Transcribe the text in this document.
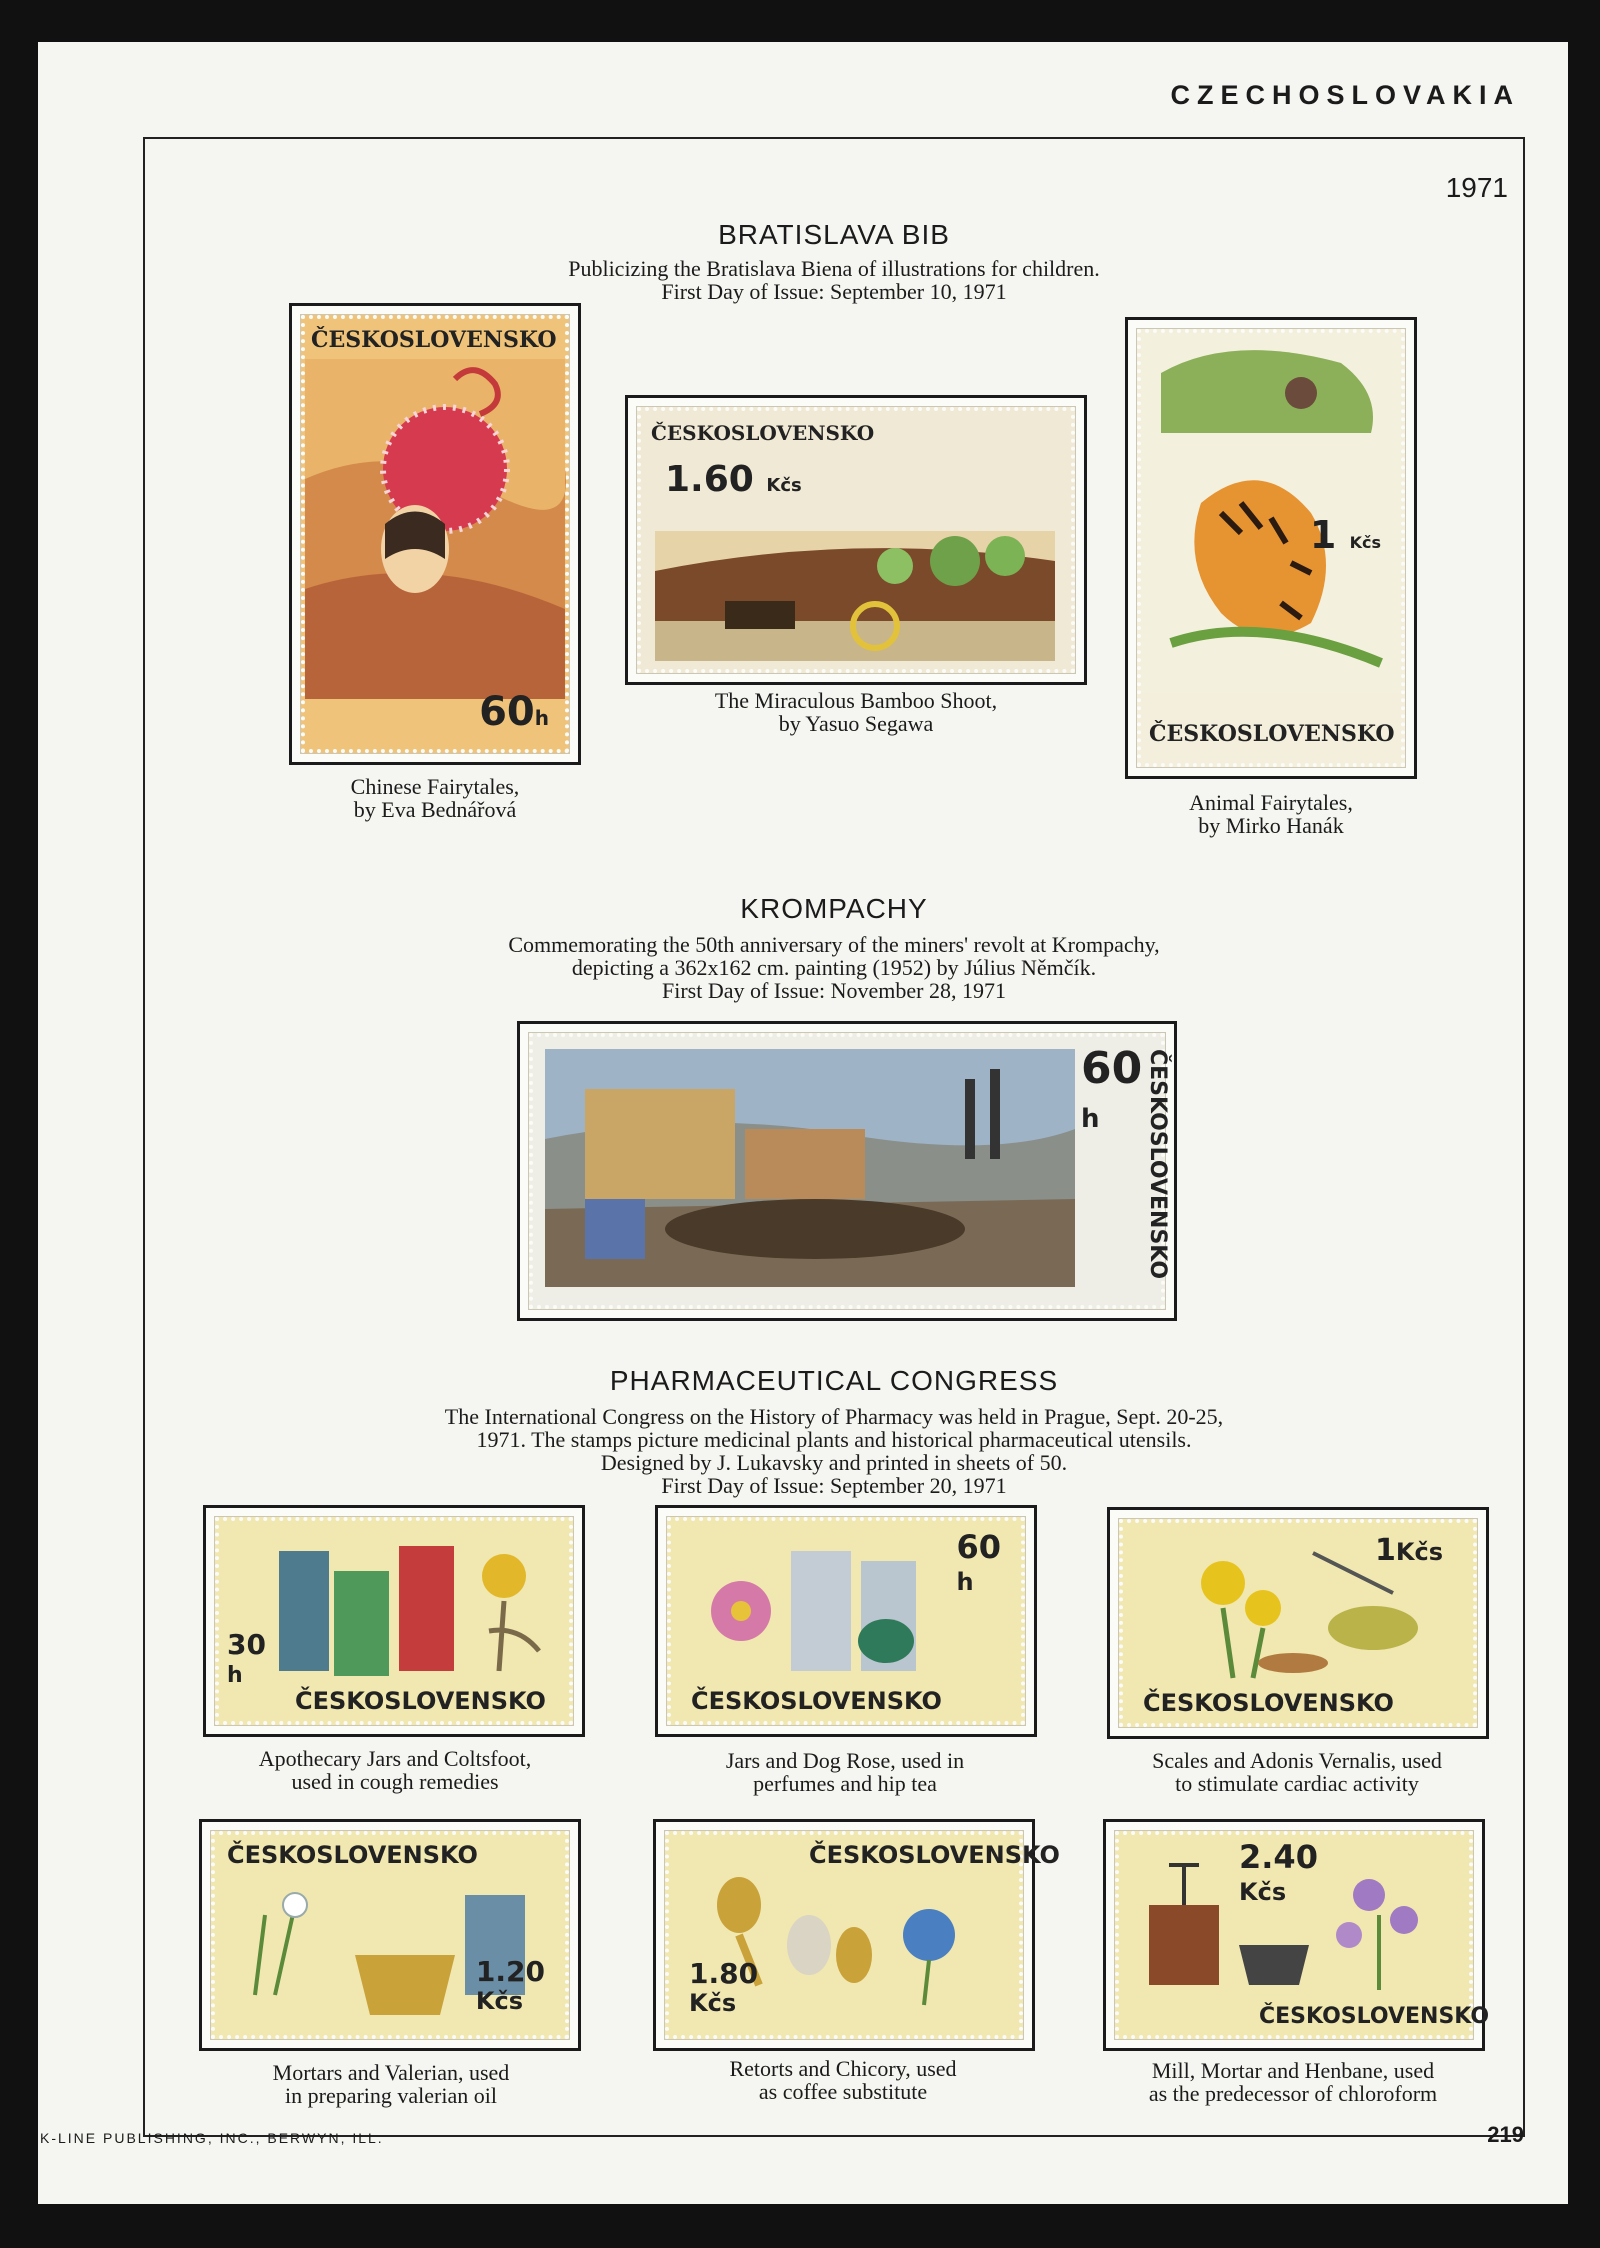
CZECHOSLOVAKIA
1971
BRATISLAVA BIB
Publicizing the Bratislava Biena of illustrations for children.
First Day of Issue: September 10, 1971
ČESKOSLOVENSKO
60h
Chinese Fairytales,
by Eva Bednářová
ČESKOSLOVENSKO
1.60 Kčs
The Miraculous Bamboo Shoot,
by Yasuo Segawa
1 Kčs
ČESKOSLOVENSKO
Animal Fairytales,
by Mirko Hanák
KROMPACHY
Commemorating the 50th anniversary of the miners' revolt at Krompachy,
depicting a 362x162 cm. painting (1952) by Július Němčík.
First Day of Issue: November 28, 1971
60
h	ČESKOSLOVENSKO
PHARMACEUTICAL CONGRESS
The International Congress on the History of Pharmacy was held in Prague, Sept. 20-25,
1971. The stamps picture medicinal plants and historical pharmaceutical utensils.
Designed by J. Lukavsky and printed in sheets of 50.
First Day of Issue: September 20, 1971
30
h
ČESKOSLOVENSKO
Apothecary Jars and Coltsfoot,
used in cough remedies
60
h
ČESKOSLOVENSKO
Jars and Dog Rose, used in
perfumes and hip tea
1Kčs
ČESKOSLOVENSKO
Scales and Adonis Vernalis, used
to stimulate cardiac activity
ČESKOSLOVENSKO
1.20
Kčs
Mortars and Valerian, used
in preparing valerian oil
ČESKOSLOVENSKO
1.80
Kčs
Retorts and Chicory, used
as coffee substitute
2.40
Kčs
ČESKOSLOVENSKO
Mill, Mortar and Henbane, used
as the predecessor of chloroform
K-LINE PUBLISHING, INC., BERWYN, ILL.	219
